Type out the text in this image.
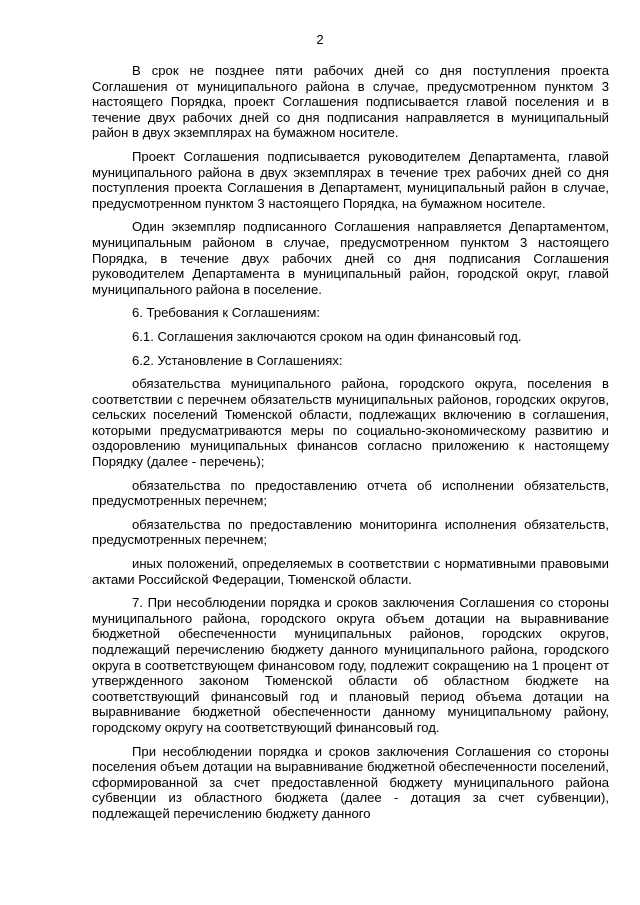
2

В срок не позднее пяти рабочих дней со дня поступления проекта Соглашения от муниципального района в случае, предусмотренном пунктом 3 настоящего Порядка, проект Соглашения подписывается главой поселения и в течение двух рабочих дней со дня подписания направляется в муниципальный район в двух экземплярах на бумажном носителе.

Проект Соглашения подписывается руководителем Департамента, главой муниципального района в двух экземплярах в течение трех рабочих дней со дня поступления проекта Соглашения в Департамент, муниципальный район в случае, предусмотренном пунктом 3 настоящего Порядка, на бумажном носителе.

Один экземпляр подписанного Соглашения направляется Департаментом, муниципальным районом в случае, предусмотренном пунктом 3 настоящего Порядка, в течение двух рабочих дней со дня подписания Соглашения руководителем Департамента в муниципальный район, городской округ, главой муниципального района в поселение.

6. Требования к Соглашениям:

6.1. Соглашения заключаются сроком на один финансовый год.

6.2. Установление в Соглашениях:

обязательства муниципального района, городского округа, поселения в соответствии с перечнем обязательств муниципальных районов, городских округов, сельских поселений Тюменской области, подлежащих включению в соглашения, которыми предусматриваются меры по социально-экономическому развитию и оздоровлению муниципальных финансов согласно приложению к настоящему Порядку (далее - перечень);

обязательства по предоставлению отчета об исполнении обязательств, предусмотренных перечнем;

обязательства по предоставлению мониторинга исполнения обязательств, предусмотренных перечнем;

иных положений, определяемых в соответствии с нормативными правовыми актами Российской Федерации, Тюменской области.

7. При несоблюдении порядка и сроков заключения Соглашения со стороны муниципального района, городского округа объем дотации на выравнивание бюджетной обеспеченности муниципальных районов, городских округов, подлежащий перечислению бюджету данного муниципального района, городского округа в соответствующем финансовом году, подлежит сокращению на 1 процент от утвержденного законом Тюменской области об областном бюджете на соответствующий финансовый год и плановый период объема дотации на выравнивание бюджетной обеспеченности данному муниципальному району, городскому округу на соответствующий финансовый год.

При несоблюдении порядка и сроков заключения Соглашения со стороны поселения объем дотации на выравнивание бюджетной обеспеченности поселений, сформированной за счет предоставленной бюджету муниципального района субвенции из областного бюджета (далее - дотация за счет субвенции), подлежащей перечислению бюджету данного
